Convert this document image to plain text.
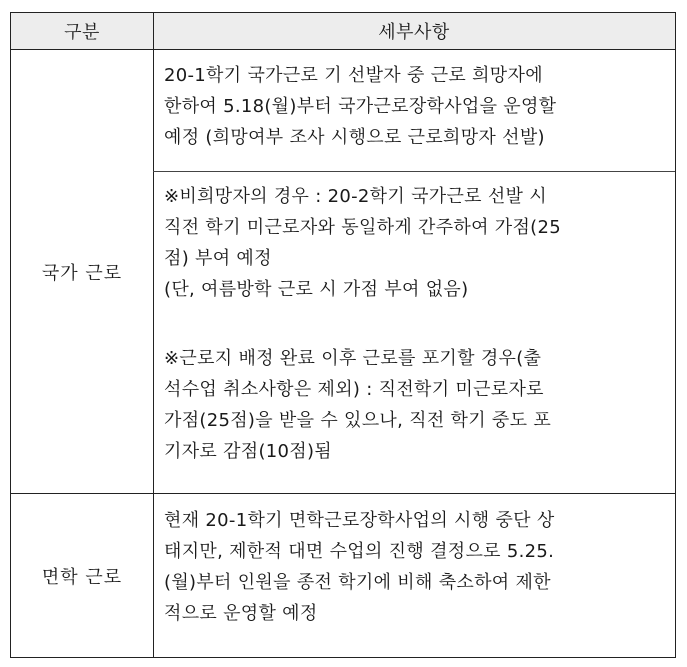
구분	세부사항
국가 근로
20-1학기 국가근로 기 선발자 중 근로 희망자에
한하여 5.18(월)부터 국가근로장학사업을 운영할
예정 (희망여부 조사 시행으로 근로희망자 선발)
※비희망자의 경우 : 20-2학기 국가근로 선발 시
직전 학기 미근로자와 동일하게 간주하여 가점(25
점) 부여 예정
(단, 여름방학 근로 시 가점 부여 없음)
※근로지 배정 완료 이후 근로를 포기할 경우(출
석수업 취소사항은 제외) : 직전학기 미근로자로
가점(25점)을 받을 수 있으나, 직전 학기 중도 포
기자로 감점(10점)됨
면학 근로
현재 20-1학기 면학근로장학사업의 시행 중단 상
태지만, 제한적 대면 수업의 진행 결정으로 5.25.
(월)부터 인원을 종전 학기에 비해 축소하여 제한
적으로 운영할 예정
